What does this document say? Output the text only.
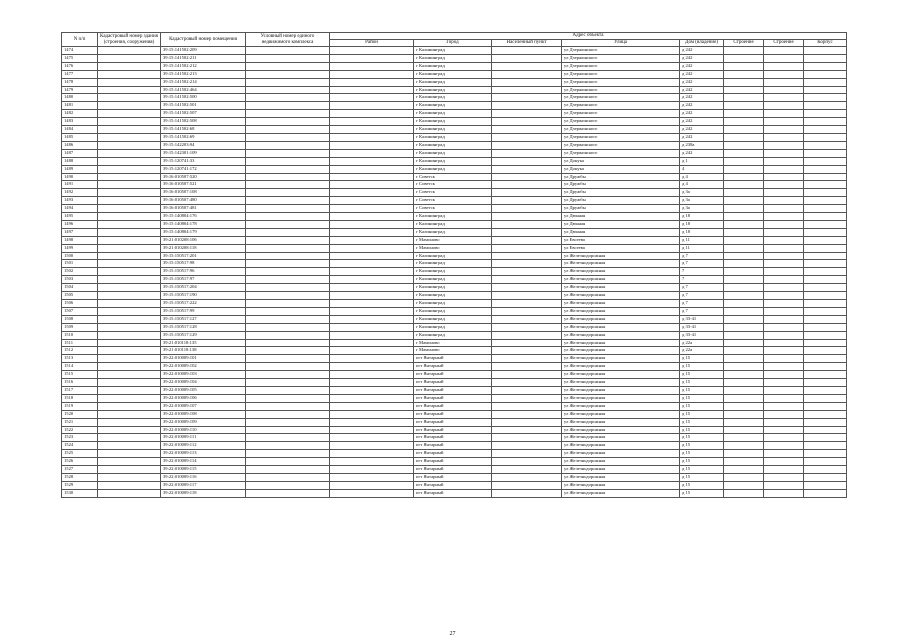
N п/п	Кадастровый номер здания (строения, сооружения)	Кадастровый номер помещения	Условный номер единого недвижимого комплекса	Адрес объекта							
				Район	Город	Населенный пункт	Улица	Дом (владение)	Строение	Строение	Корпус
1474		39:15:141502:209			г Калининград		ул Дзержинского	д 242			
1475		39:15:141502:211			г Калининград		ул Дзержинского	д 242			
1476		39:15:141502:212			г Калининград		ул Дзержинского	д 242			
1477		39:15:141502:213			г Калининград		ул Дзержинского	д 242			
1478		39:15:141502:214			г Калининград		ул Дзержинского	д 242			
1479		39:15:141502:464			г Калининград		ул Дзержинского	д 242			
1480		39:15:141502:500			г Калининград		ул Дзержинского	д 242			
1481		39:15:141502:501			г Калининград		ул Дзержинского	д 242			
1482		39:15:141502:507			г Калининград		ул Дзержинского	д 242			
1483		39:15:141502:508			г Калининград		ул Дзержинского	д 242			
1484		39:15:141502:68			г Калининград		ул Дзержинского	д 242			
1485		39:15:141502:69			г Калининград		ул Дзержинского	д 242			
1486		39:15:142203:94			г Калининград		ул Дзержинского	д 238а			
1487		39:15:142301:109			г Калининград		ул Дзержинского	д 242			
1488		39:15:120741:33			г Калининград		ул Донука	д 1			
1489		39:15:120741:172			г Калининград		ул Донука	4			
1490		39:16:010507:520			г Советск		ул Дружбы	д 4			
1491		39:16:010507:521			г Советск		ул Дружбы	д 4			
1492		39:16:010507:108			г Советск		ул Дружбы	д 3а			
1493		39:16:010507:480			г Советск		ул Дружбы	д 3а			
1494		39:16:010507:481			г Советск		ул Дружбы	д 3а			
1495		39:15:140804:176			г Калининград		ул Дюнная	д 18			
1496		39:15:140804:178			г Калининград		ул Дюнная	д 18			
1497		39:15:140804:179			г Калининград		ул Дюнная	д 18			
1498		39:21:010208:106			г Мамоново		ул Евсеева	д 11			
1499		39:21:010208:118			г Мамоново		ул Евсеева	д 11			
1500		39:15:150517:201			г Калининград		ул Железнодорожная	д 7			
1501		39:15:150517:98			г Калининград		ул Железнодорожная	д 7			
1502		39:15:150517:96			г Калининград		ул Железнодорожная	7			
1503		39:15:150517:97			г Калининград		ул Железнодорожная	7			
1504		39:15:150517:204			г Калининград		ул Железнодорожная	д 7			
1505		39:15:150517:190			г Калининград		ул Железнодорожная	д 7			
1506		39:15:150517:222			г Калининград		ул Железнодорожная	д 7			
1507		39:15:150517:99			г Калининград		ул Железнодорожная	д 7			
1508		39:15:150517:127			г Калининград		ул Железнодорожная	д 33-41			
1509		39:15:150517:128			г Калининград		ул Железнодорожная	д 33-41			
1510		39:15:150517:129			г Калининград		ул Железнодорожная	д 33-41			
1511		39:21:010118:135			г Мамоново		ул Железнодорожная	д 22а			
1512		39:21:010118:138			г Мамоново		ул Железнодорожная	д 22а			
1513		39:22:010009:101			пгт Янтарный		ул Железнодорожная	д 15			
1514		39:22:010009:102			пгт Янтарный		ул Железнодорожная	д 15			
1515		39:22:010009:103			пгт Янтарный		ул Железнодорожная	д 15			
1516		39:22:010009:104			пгт Янтарный		ул Железнодорожная	д 15			
1517		39:22:010009:105			пгт Янтарный		ул Железнодорожная	д 15			
1518		39:22:010009:106			пгт Янтарный		ул Железнодорожная	д 15			
1519		39:22:010009:107			пгт Янтарный		ул Железнодорожная	д 15			
1520		39:22:010009:108			пгт Янтарный		ул Железнодорожная	д 15			
1521		39:22:010009:109			пгт Янтарный		ул Железнодорожная	д 15			
1522		39:22:010009:110			пгт Янтарный		ул Железнодорожная	д 15			
1523		39:22:010009:111			пгт Янтарный		ул Железнодорожная	д 15			
1524		39:22:010009:112			пгт Янтарный		ул Железнодорожная	д 15			
1525		39:22:010009:113			пгт Янтарный		ул Железнодорожная	д 15			
1526		39:22:010009:114			пгт Янтарный		ул Железнодорожная	д 15			
1527		39:22:010009:115			пгт Янтарный		ул Железнодорожная	д 15			
1528		39:22:010009:116			пгт Янтарный		ул Железнодорожная	д 15			
1529		39:22:010009:117			пгт Янтарный		ул Железнодорожная	д 15			
1530		39:22:010009:118			пгт Янтарный		ул Железнодорожная	д 15			
27
